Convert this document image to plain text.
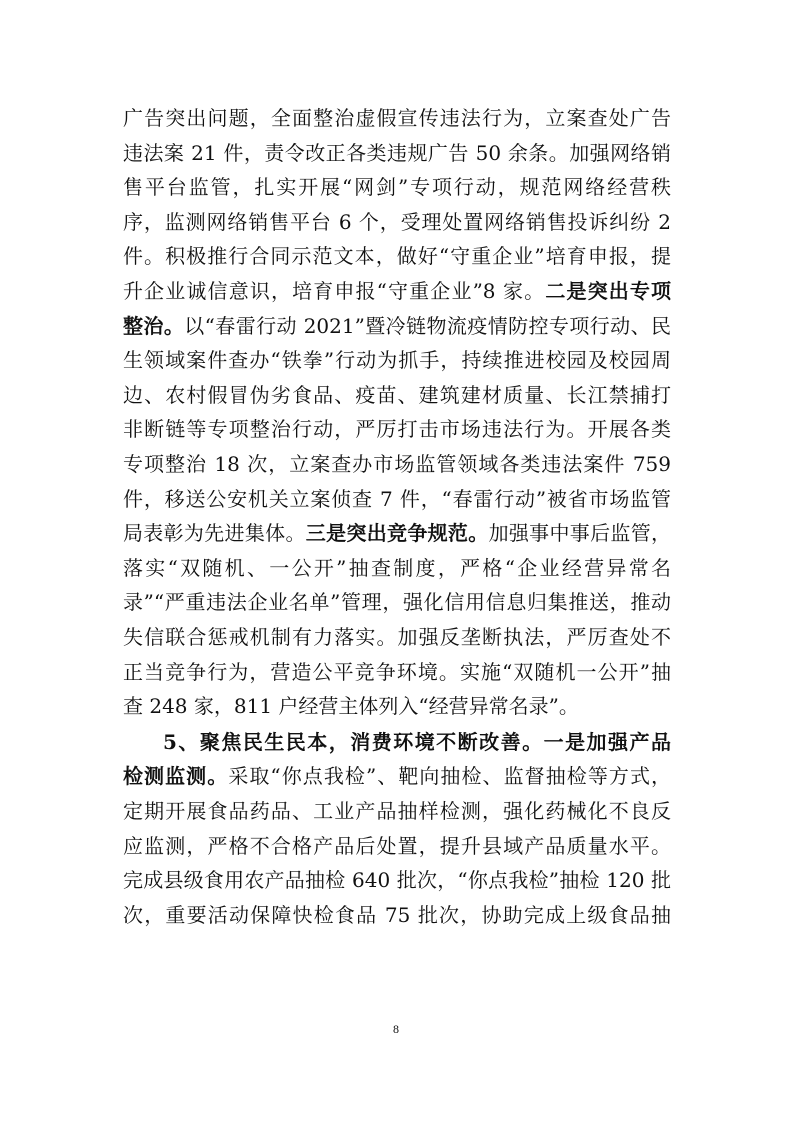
广告突出问题，全面整治虚假宣传违法行为，立案查处广告
违法案 21 件，责令改正各类违规广告 50 余条。加强网络销
售平台监管，扎实开展“网剑”专项行动，规范网络经营秩
序，监测网络销售平台 6 个，受理处置网络销售投诉纠纷 2
件。积极推行合同示范文本，做好“守重企业”培育申报，提
升企业诚信意识，培育申报“守重企业”8 家。二是突出专项
整治。以“春雷行动 2021”暨冷链物流疫情防控专项行动、民
生领域案件查办“铁拳”行动为抓手，持续推进校园及校园周
边、农村假冒伪劣食品、疫苗、建筑建材质量、长江禁捕打
非断链等专项整治行动，严厉打击市场违法行为。开展各类
专项整治 18 次，立案查办市场监管领域各类违法案件 759
件，移送公安机关立案侦查 7 件，“春雷行动”被省市场监管
局表彰为先进集体。三是突出竞争规范。加强事中事后监管，
落实“双随机、一公开”抽查制度，严格“企业经营异常名
录”“严重违法企业名单”管理，强化信用信息归集推送，推动
失信联合惩戒机制有力落实。加强反垄断执法，严厉查处不
正当竞争行为，营造公平竞争环境。实施“双随机一公开”抽
查 248 家，811 户经营主体列入“经营异常名录”。
5、聚焦民生民本，消费环境不断改善。一是加强产品
检测监测。采取“你点我检”、靶向抽检、监督抽检等方式，
定期开展食品药品、工业产品抽样检测，强化药械化不良反
应监测，严格不合格产品后处置，提升县域产品质量水平。
完成县级食用农产品抽检 640 批次，“你点我检”抽检 120 批
次，重要活动保障快检食品 75 批次，协助完成上级食品抽
8
